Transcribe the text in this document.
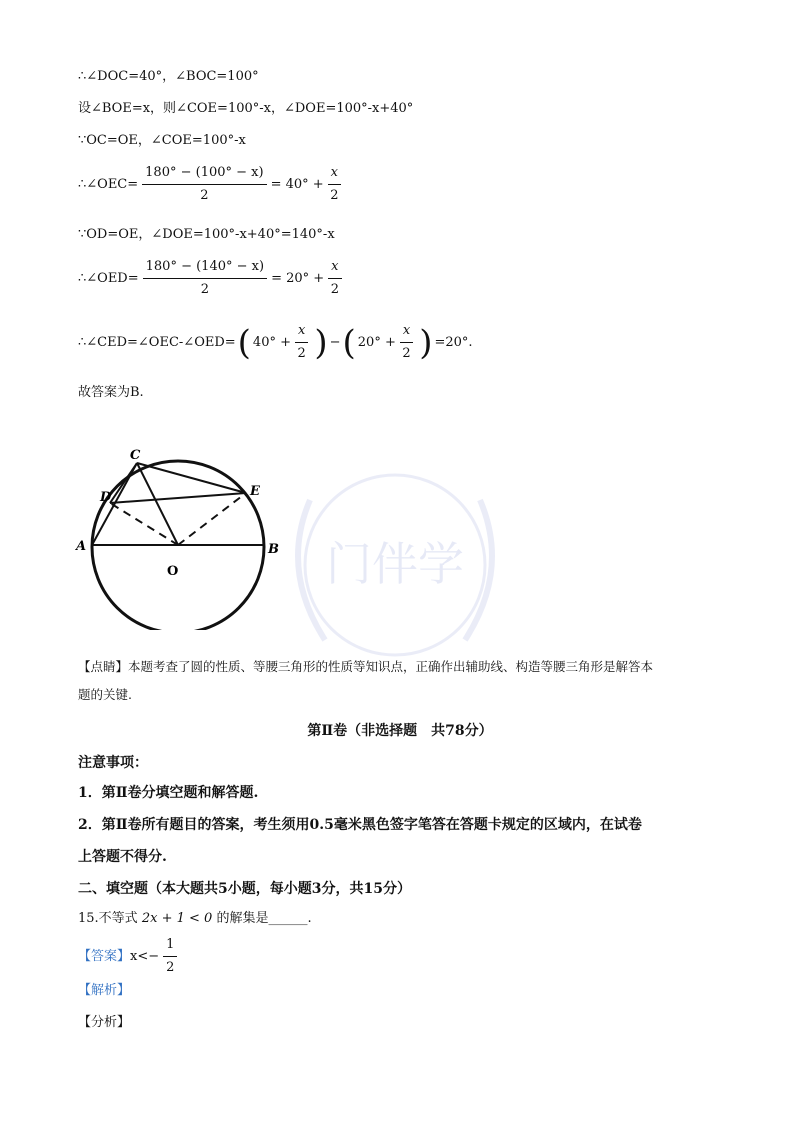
门伴学
∴∠DOC=40°，∠BOC=100°
设∠BOE=x，则∠COE=100°-x，∠DOE=100°-x+40°
∵OC=OE，∠COE=100°-x
∴∠OEC= $\frac{180^\circ - (100^\circ - x)}{2} = 40^\circ + \frac{x}{2}$
∵OD=OE，∠DOE=100°-x+40°=140°-x
∴∠OED= $\frac{180^\circ - (140^\circ - x)}{2} = 20^\circ + \frac{x}{2}$
∴∠CED=∠OEC-∠OED= ( $40^\circ + \frac{x}{2}$ ) − ( $20^\circ + \frac{x}{2}$ ) =20°.
故答案为B.
C
D	E
A	B
O
【点睛】本题考查了圆的性质、等腰三角形的性质等知识点，正确作出辅助线、构造等腰三角形是解答本
题的关键.
第Ⅱ卷（非选择题　共78分）
注意事项：
1．第Ⅱ卷分填空题和解答题.
2．第Ⅱ卷所有题目的答案，考生须用0.5毫米黑色签字笔答在答题卡规定的区域内，在试卷
上答题不得分.
二、填空题（本大题共5小题，每小题3分，共15分）
15.不等式 2x + 1 < 0 的解集是______.
【答案】 $x<- \frac{1}{2}$
【解析】
【分析】
